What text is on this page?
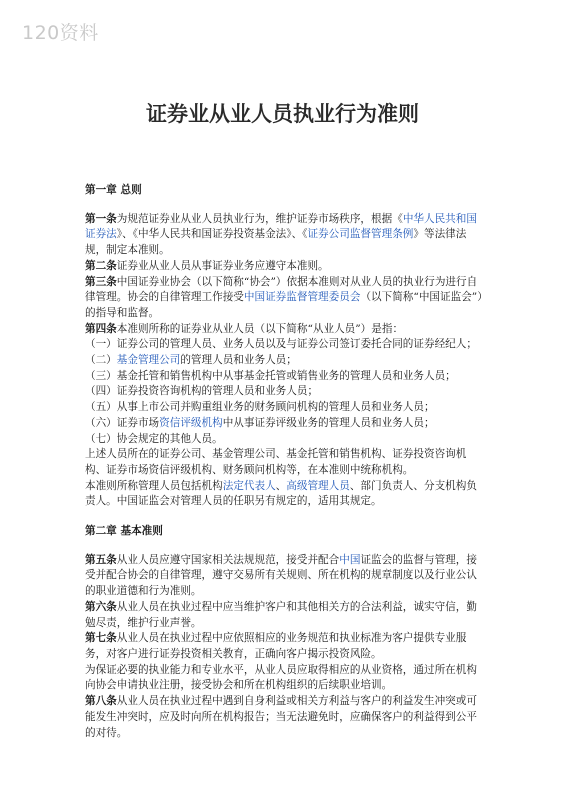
120资料
证券业从业人员执业行为准则

第一章 总则

第一条为规范证券业从业人员执业行为，维护证券市场秩序，根据《中华人民共和国证券法》、《中华人民共和国证券投资基金法》、《证券公司监督管理条例》等法律法规，制定本准则。

第二条证券业从业人员从事证券业务应遵守本准则。

第三条中国证券业协会（以下简称“协会”）依据本准则对从业人员的执业行为进行自律管理。协会的自律管理工作接受中国证券监督管理委员会（以下简称“中国证监会”）的指导和监督。

第四条本准则所称的证券业从业人员（以下简称“从业人员”）是指：

（一）证券公司的管理人员、业务人员以及与证券公司签订委托合同的证券经纪人；

（二）基金管理公司的管理人员和业务人员；

（三）基金托管和销售机构中从事基金托管或销售业务的管理人员和业务人员；

（四）证券投资咨询机构的管理人员和业务人员；

（五）从事上市公司并购重组业务的财务顾问机构的管理人员和业务人员；

（六）证券市场资信评级机构中从事证券评级业务的管理人员和业务人员；

（七）协会规定的其他人员。

上述人员所在的证券公司、基金管理公司、基金托管和销售机构、证券投资咨询机构、证券市场资信评级机构、财务顾问机构等，在本准则中统称机构。

本准则所称管理人员包括机构法定代表人、高级管理人员、部门负责人、分支机构负责人。中国证监会对管理人员的任职另有规定的，适用其规定。

第二章 基本准则

第五条从业人员应遵守国家相关法规规范，接受并配合中国证监会的监督与管理，接受并配合协会的自律管理，遵守交易所有关规则、所在机构的规章制度以及行业公认的职业道德和行为准则。

第六条从业人员在执业过程中应当维护客户和其他相关方的合法利益，诚实守信，勤勉尽责，维护行业声誉。

第七条从业人员在执业过程中应依照相应的业务规范和执业标准为客户提供专业服务，对客户进行证券投资相关教育，正确向客户揭示投资风险。

为保证必要的执业能力和专业水平，从业人员应取得相应的从业资格，通过所在机构向协会申请执业注册，接受协会和所在机构组织的后续职业培训。

第八条从业人员在执业过程中遇到自身利益或相关方利益与客户的利益发生冲突或可能发生冲突时，应及时向所在机构报告；当无法避免时，应确保客户的利益得到公平的对待。
